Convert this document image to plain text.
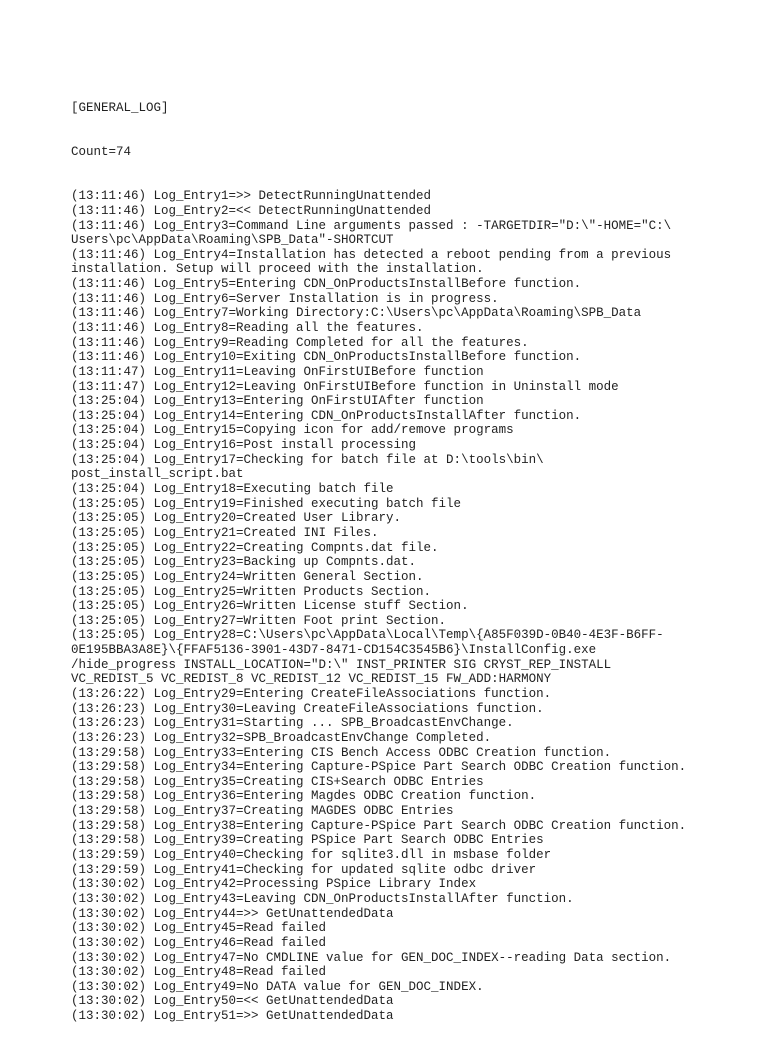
[GENERAL_LOG]

Count=74

(13:11:46) Log_Entry1=>> DetectRunningUnattended
(13:11:46) Log_Entry2=<< DetectRunningUnattended
(13:11:46) Log_Entry3=Command Line arguments passed : -TARGETDIR="D:\"-HOME="C:\
Users\pc\AppData\Roaming\SPB_Data"-SHORTCUT
(13:11:46) Log_Entry4=Installation has detected a reboot pending from a previous
installation. Setup will proceed with the installation.
(13:11:46) Log_Entry5=Entering CDN_OnProductsInstallBefore function.
(13:11:46) Log_Entry6=Server Installation is in progress.
(13:11:46) Log_Entry7=Working Directory:C:\Users\pc\AppData\Roaming\SPB_Data
(13:11:46) Log_Entry8=Reading all the features.
(13:11:46) Log_Entry9=Reading Completed for all the features.
(13:11:46) Log_Entry10=Exiting CDN_OnProductsInstallBefore function.
(13:11:47) Log_Entry11=Leaving OnFirstUIBefore function
(13:11:47) Log_Entry12=Leaving OnFirstUIBefore function in Uninstall mode
(13:25:04) Log_Entry13=Entering OnFirstUIAfter function
(13:25:04) Log_Entry14=Entering CDN_OnProductsInstallAfter function.
(13:25:04) Log_Entry15=Copying icon for add/remove programs
(13:25:04) Log_Entry16=Post install processing
(13:25:04) Log_Entry17=Checking for batch file at D:\tools\bin\
post_install_script.bat
(13:25:04) Log_Entry18=Executing batch file
(13:25:05) Log_Entry19=Finished executing batch file
(13:25:05) Log_Entry20=Created User Library.
(13:25:05) Log_Entry21=Created INI Files.
(13:25:05) Log_Entry22=Creating Compnts.dat file.
(13:25:05) Log_Entry23=Backing up Compnts.dat.
(13:25:05) Log_Entry24=Written General Section.
(13:25:05) Log_Entry25=Written Products Section.
(13:25:05) Log_Entry26=Written License stuff Section.
(13:25:05) Log_Entry27=Written Foot print Section.
(13:25:05) Log_Entry28=C:\Users\pc\AppData\Local\Temp\{A85F039D-0B40-4E3F-B6FF-
0E195BBA3A8E}\{FFAF5136-3901-43D7-8471-CD154C3545B6}\InstallConfig.exe
/hide_progress INSTALL_LOCATION="D:\" INST_PRINTER SIG CRYST_REP_INSTALL
VC_REDIST_5 VC_REDIST_8 VC_REDIST_12 VC_REDIST_15 FW_ADD:HARMONY
(13:26:22) Log_Entry29=Entering CreateFileAssociations function.
(13:26:23) Log_Entry30=Leaving CreateFileAssociations function.
(13:26:23) Log_Entry31=Starting ... SPB_BroadcastEnvChange.
(13:26:23) Log_Entry32=SPB_BroadcastEnvChange Completed.
(13:29:58) Log_Entry33=Entering CIS Bench Access ODBC Creation function.
(13:29:58) Log_Entry34=Entering Capture-PSpice Part Search ODBC Creation function.
(13:29:58) Log_Entry35=Creating CIS+Search ODBC Entries
(13:29:58) Log_Entry36=Entering Magdes ODBC Creation function.
(13:29:58) Log_Entry37=Creating MAGDES ODBC Entries
(13:29:58) Log_Entry38=Entering Capture-PSpice Part Search ODBC Creation function.
(13:29:58) Log_Entry39=Creating PSpice Part Search ODBC Entries
(13:29:59) Log_Entry40=Checking for sqlite3.dll in msbase folder
(13:29:59) Log_Entry41=Checking for updated sqlite odbc driver
(13:30:02) Log_Entry42=Processing PSpice Library Index
(13:30:02) Log_Entry43=Leaving CDN_OnProductsInstallAfter function.
(13:30:02) Log_Entry44=>> GetUnattendedData
(13:30:02) Log_Entry45=Read failed
(13:30:02) Log_Entry46=Read failed
(13:30:02) Log_Entry47=No CMDLINE value for GEN_DOC_INDEX--reading Data section.
(13:30:02) Log_Entry48=Read failed
(13:30:02) Log_Entry49=No DATA value for GEN_DOC_INDEX.
(13:30:02) Log_Entry50=<< GetUnattendedData
(13:30:02) Log_Entry51=>> GetUnattendedData
